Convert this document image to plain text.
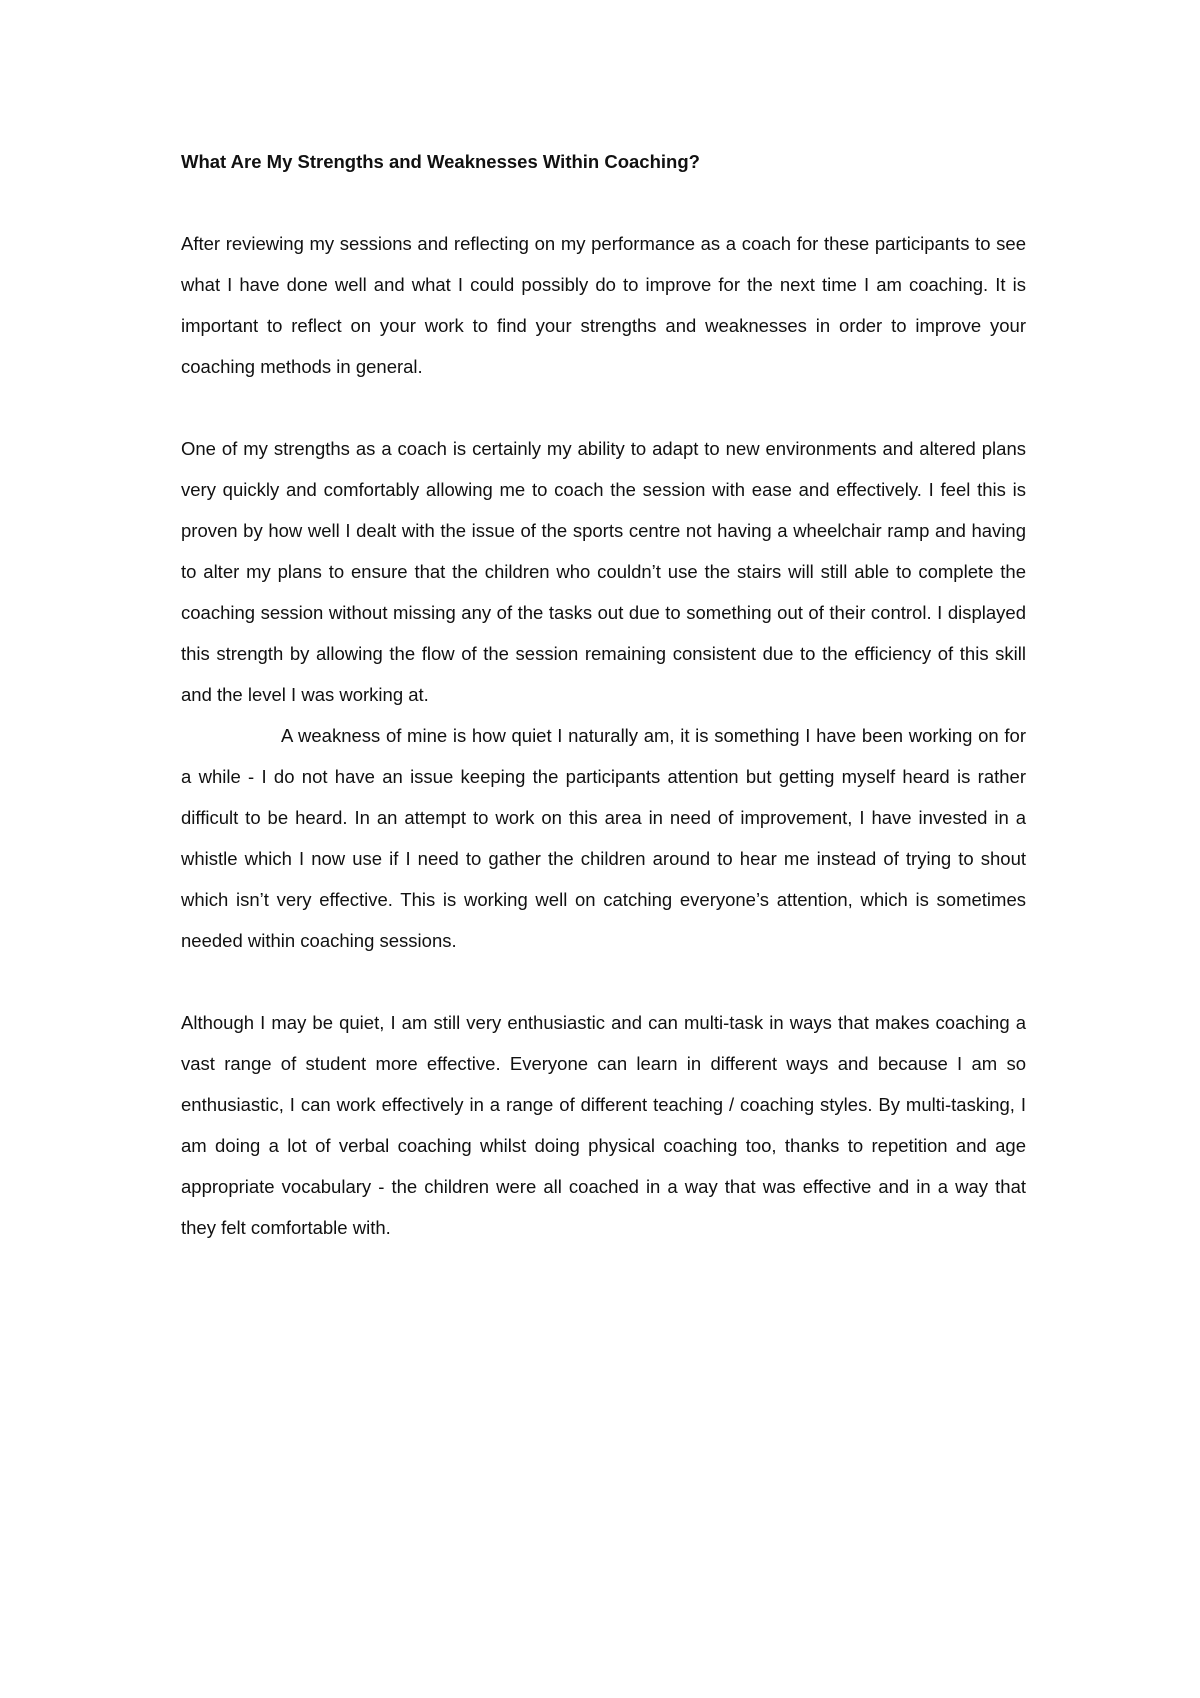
What Are My Strengths and Weaknesses Within Coaching?

After reviewing my sessions and reflecting on my performance as a coach for these participants to see what I have done well and what I could possibly do to improve for the next time I am coaching. It is important to reflect on your work to find your strengths and weaknesses in order to improve your coaching methods in general.

One of my strengths as a coach is certainly my ability to adapt to new environments and altered plans very quickly and comfortably allowing me to coach the session with ease and effectively. I feel this is proven by how well I dealt with the issue of the sports centre not having a wheelchair ramp and having to alter my plans to ensure that the children who couldn’t use the stairs will still able to complete the coaching session without missing any of the tasks out due to something out of their control. I displayed this strength by allowing the flow of the session remaining consistent due to the efficiency of this skill and the level I was working at.

A weakness of mine is how quiet I naturally am, it is something I have been working on for a while - I do not have an issue keeping the participants attention but getting myself heard is rather difficult to be heard. In an attempt to work on this area in need of improvement, I have invested in a whistle which I now use if I need to gather the children around to hear me instead of trying to shout which isn’t very effective. This is working well on catching everyone’s attention, which is sometimes needed within coaching sessions.

Although I may be quiet, I am still very enthusiastic and can multi-task in ways that makes coaching a vast range of student more effective. Everyone can learn in different ways and because I am so enthusiastic, I can work effectively in a range of different teaching / coaching styles. By multi-tasking, I am doing a lot of verbal coaching whilst doing physical coaching too, thanks to repetition and age appropriate vocabulary - the children were all coached in a way that was effective and in a way that they felt comfortable with.
